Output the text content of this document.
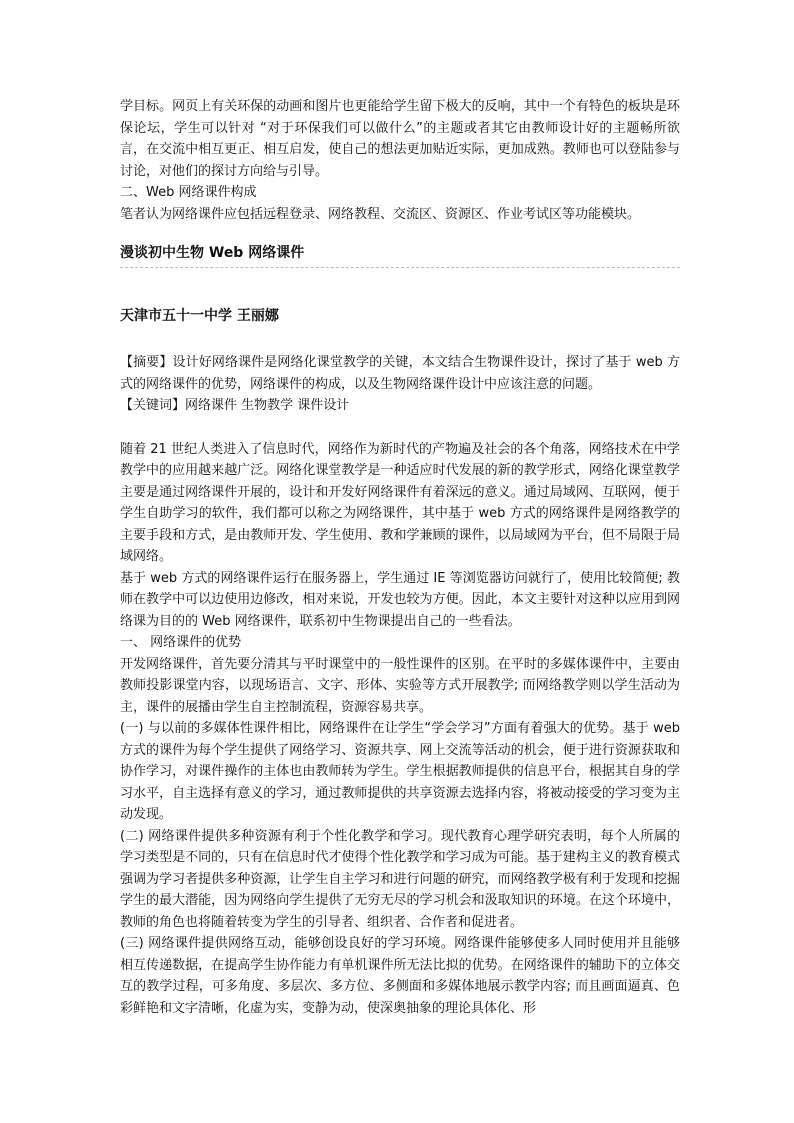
学目标。网页上有关环保的动画和图片也更能给学生留下极大的反响，其中一个有特色的板块是环保论坛，学生可以针对 “对于环保我们可以做什么”的主题或者其它由教师设计好的主题畅所欲言，在交流中相互更正、相互启发，使自己的想法更加贴近实际，更加成熟。教师也可以登陆参与讨论，对他们的探讨方向给与引导。

二、Web 网络课件构成

笔者认为网络课件应包括远程登录、网络教程、交流区、资源区、作业考试区等功能模块。

漫谈初中生物 Web 网络课件

天津市五十一中学 王丽娜

【摘要】设计好网络课件是网络化课堂教学的关键，本文结合生物课件设计，探讨了基于 web 方式的网络课件的优势，网络课件的构成，以及生物网络课件设计中应该注意的问题。

【关键词】网络课件 生物教学 课件设计

随着 21 世纪人类进入了信息时代，网络作为新时代的产物遍及社会的各个角落，网络技术在中学教学中的应用越来越广泛。网络化课堂教学是一种适应时代发展的新的教学形式，网络化课堂教学主要是通过网络课件开展的，设计和开发好网络课件有着深远的意义。通过局域网、互联网，便于学生自助学习的软件，我们都可以称之为网络课件，其中基于 web 方式的网络课件是网络教学的主要手段和方式，是由教师开发、学生使用、教和学兼顾的课件，以局域网为平台，但不局限于局域网络。

基于 web 方式的网络课件运行在服务器上，学生通过 IE 等浏览器访问就行了，使用比较简便; 教师在教学中可以边使用边修改，相对来说，开发也较为方便。因此，本文主要针对这种以应用到网络课为目的的 Web 网络课件，联系初中生物课提出自己的一些看法。

一、 网络课件的优势

开发网络课件，首先要分清其与平时课堂中的一般性课件的区别。在平时的多媒体课件中，主要由教师投影课堂内容，以现场语言、文字、形体、实验等方式开展教学; 而网络教学则以学生活动为主，课件的展播由学生自主控制流程，资源容易共享。

(一) 与以前的多媒体性课件相比，网络课件在让学生“学会学习”方面有着强大的优势。基于 web 方式的课件为每个学生提供了网络学习、资源共享、网上交流等活动的机会，便于进行资源获取和协作学习，对课件操作的主体也由教师转为学生。学生根据教师提供的信息平台，根据其自身的学习水平，自主选择有意义的学习，通过教师提供的共享资源去选择内容，将被动接受的学习变为主动发现。

(二) 网络课件提供多种资源有利于个性化教学和学习。现代教育心理学研究表明，每个人所属的学习类型是不同的，只有在信息时代才使得个性化教学和学习成为可能。基于建构主义的教育模式强调为学习者提供多种资源，让学生自主学习和进行问题的研究，而网络教学极有利于发现和挖掘学生的最大潜能，因为网络向学生提供了无穷无尽的学习机会和汲取知识的环境。在这个环境中，教师的角色也将随着转变为学生的引导者、组织者、合作者和促进者。

(三) 网络课件提供网络互动，能够创设良好的学习环境。网络课件能够使多人同时使用并且能够相互传递数据，在提高学生协作能力有单机课件所无法比拟的优势。在网络课件的辅助下的立体交互的教学过程，可多角度、多层次、多方位、多侧面和多媒体地展示教学内容; 而且画面逼真、色彩鲜艳和文字清晰，化虚为实，变静为动，使深奥抽象的理论具体化、形
